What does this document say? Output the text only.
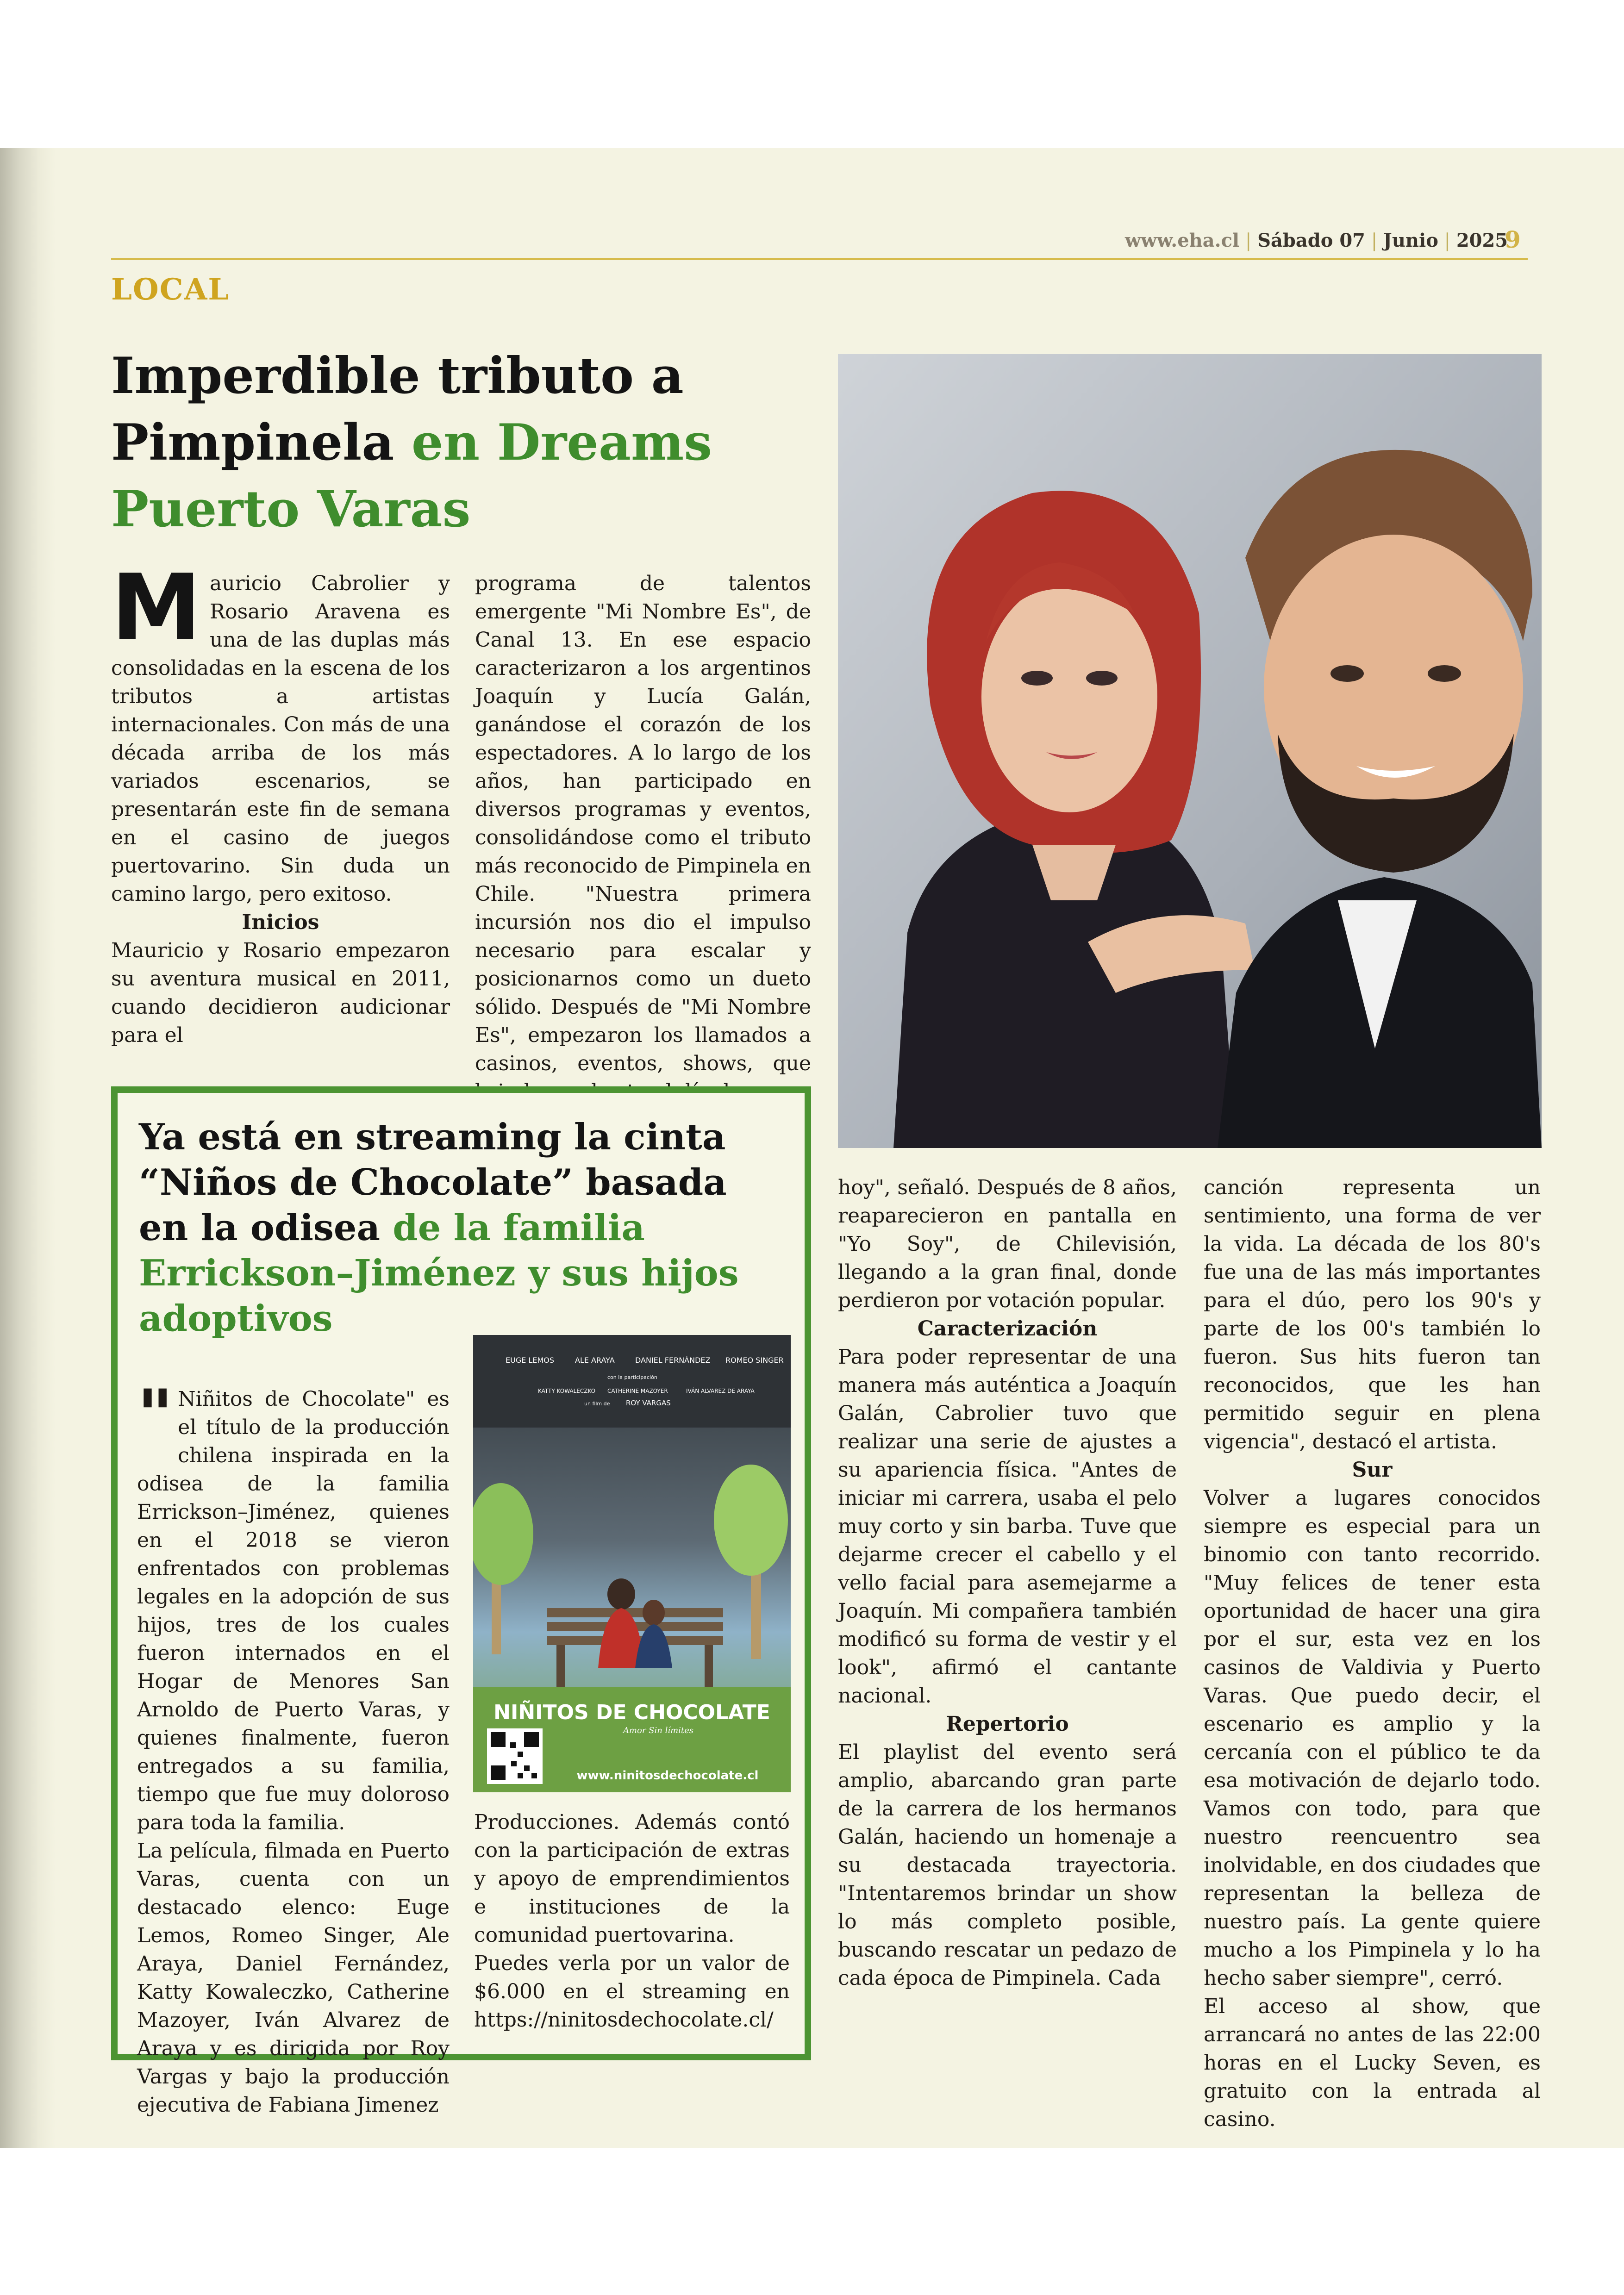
www.eha.cl | Sábado 07 | Junio | 2025
9
LOCAL
Imperdible tributo a Pimpinela en Dreams Puerto Varas

Mauricio Cabrolier y Rosario Aravena es una de las duplas más consolidadas en la escena de los tributos a artistas internacionales. Con más de una década arriba de los más variados escenarios, se presentarán este fin de semana en el casino de juegos puertovarino. Sin duda un camino largo, pero exitoso.

Inicios

Mauricio y Rosario empezaron su aventura musical en 2011, cuando decidieron audicionar para el

programa de talentos emergente "Mi Nombre Es", de Canal 13. En ese espacio caracterizaron a los argentinos Joaquín y Lucía Galán, ganándose el corazón de los espectadores. A lo largo de los años, han participado en diversos programas y eventos, consolidándose como el tributo más reconocido de Pimpinela en Chile. "Nuestra primera incursión nos dio el impulso necesario para escalar y posicionarnos como un dueto sólido. Después de "Mi Nombre Es", empezaron los llamados a casinos, eventos, shows, que

Ya está en streaming la cinta “Niños de Chocolate” basada en la odisea de la familia Errickson–Jiménez y sus hijos adoptivos

" Niñitos de Chocolate" es el título de la producción chilena inspirada en la odisea de la familia Errickson–Jiménez, quienes en el 2018 se vieron enfrentados con problemas legales en la adopción de sus hijos, tres de los cuales fueron internados en el Hogar de Menores San Arnoldo de Puerto Varas, y quienes finalmente, fueron entregados a su familia, tiempo que fue muy doloroso para toda la familia.

La película, filmada en Puerto Varas, cuenta con un destacado elenco: Euge Lemos, Romeo Singer, Ale Araya, Daniel Fernández, Katty Kowaleczko, Catherine Mazoyer, Iván Alvarez de Araya y es dirigida por Roy Vargas y bajo la producción ejecutiva de Fabiana Jimenez

Producciones. Además contó con la participación de extras y apoyo de emprendimientos e instituciones de la comunidad puertovarina.

Puedes verla por un valor de $6.000 en el streaming en https://ninitosdechocolate.cl/

EUGE LEMOS	ALE ARAYA	DANIEL FERNÁNDEZ ROMEO SINGER
con la participación
KATTY KOWALECZKO CATHERINE MAZOYER	IVÁN ALVAREZ DE ARAYA
un film de ROY VARGAS
NIÑITOS DE CHOCOLATE
Amor Sin límites
www.ninitosdechocolate.cl

hoy", señaló. Después de 8 años, reaparecieron en pantalla en "Yo Soy", de Chilevisión, llegando a la gran final, donde perdieron por votación popular.

Caracterización

Para poder representar de una manera más auténtica a Joaquín Galán, Cabrolier tuvo que realizar una serie de ajustes a su apariencia física. "Antes de iniciar mi carrera, usaba el pelo muy corto y sin barba. Tuve que dejarme crecer el cabello y el vello facial para asemejarme a Joaquín. Mi compañera también modificó su forma de vestir y el look", afirmó el cantante nacional.

Repertorio

El playlist del evento será amplio, abarcando gran parte de la carrera de los hermanos Galán, haciendo un homenaje a su destacada trayectoria. "Intentaremos brindar un show lo más completo posible, buscando rescatar un pedazo de cada época de Pimpinela. Cada

canción representa un sentimiento, una forma de ver la vida. La década de los 80's fue una de las más importantes para el dúo, pero los 90's y parte de los 00's también lo fueron. Sus hits fueron tan reconocidos, que les han permitido seguir en plena vigencia", destacó el artista.

Sur

Volver a lugares conocidos siempre es especial para un binomio con tanto recorrido. "Muy felices de tener esta oportunidad de hacer una gira por el sur, esta vez en los casinos de Valdivia y Puerto Varas. Que puedo decir, el escenario es amplio y la cercanía con el público te da esa motivación de dejarlo todo. Vamos con todo, para que nuestro reencuentro sea inolvidable, en dos ciudades que representan la belleza de nuestro país. La gente quiere mucho a los Pimpinela y lo ha hecho saber siempre", cerró.

El acceso al show, que arrancará no antes de las 22:00 horas en el Lucky Seven, es gratuito con la entrada al casino.
